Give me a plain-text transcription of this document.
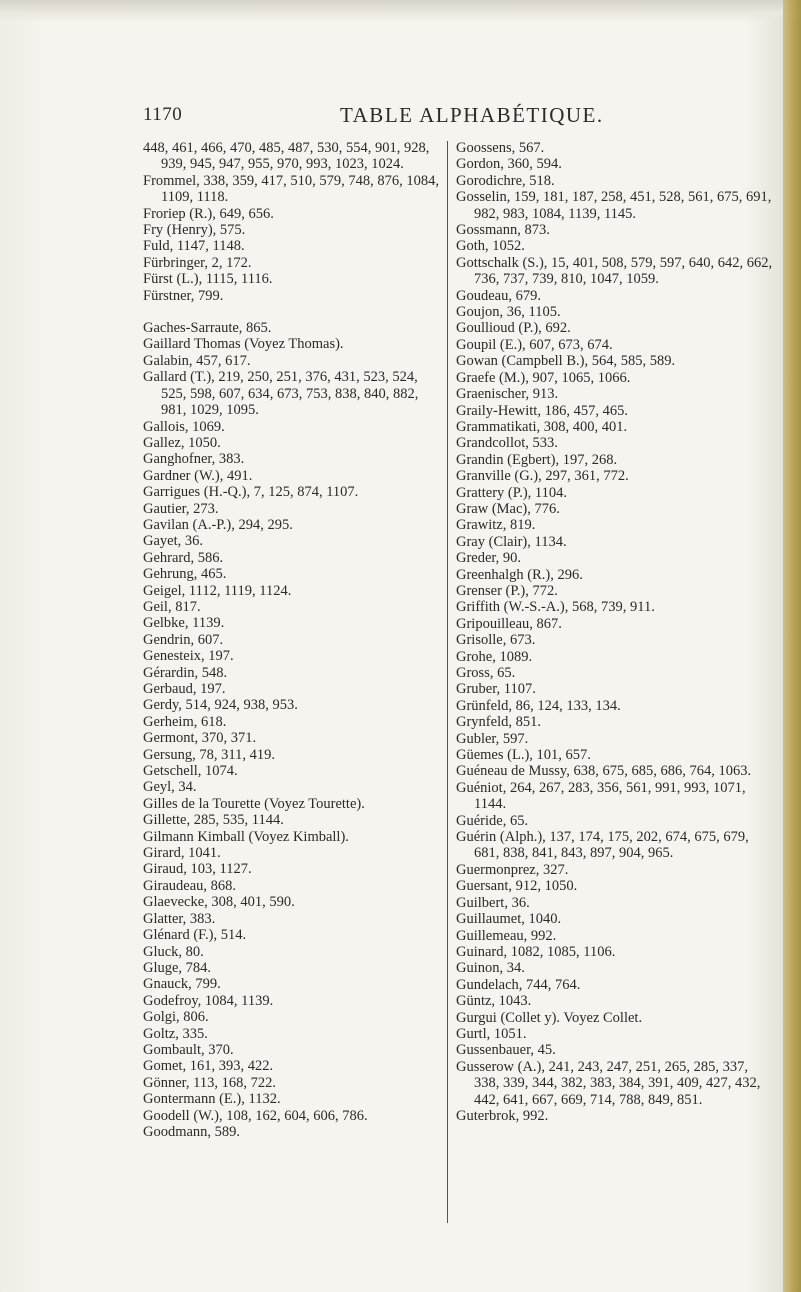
1170	TABLE ALPHABÉTIQUE.

448, 461, 466, 470, 485, 487, 530, 554, 901, 928, 939, 945, 947, 955, 970, 993, 1023, 1024.

Frommel, 338, 359, 417, 510, 579, 748, 876, 1084, 1109, 1118.

Froriep (R.), 649, 656.

Fry (Henry), 575.

Fuld, 1147, 1148.

Fürbringer, 2, 172.

Fürst (L.), 1115, 1116.

Fürstner, 799.

Gaches-Sarraute, 865.

Gaillard Thomas (Voyez Thomas).

Galabin, 457, 617.

Gallard (T.), 219, 250, 251, 376, 431, 523, 524, 525, 598, 607, 634, 673, 753, 838, 840, 882, 981, 1029, 1095.

Gallois, 1069.

Gallez, 1050.

Ganghofner, 383.

Gardner (W.), 491.

Garrigues (H.-Q.), 7, 125, 874, 1107.

Gautier, 273.

Gavilan (A.-P.), 294, 295.

Gayet, 36.

Gehrard, 586.

Gehrung, 465.

Geigel, 1112, 1119, 1124.

Geil, 817.

Gelbke, 1139.

Gendrin, 607.

Genesteix, 197.

Gérardin, 548.

Gerbaud, 197.

Gerdy, 514, 924, 938, 953.

Gerheim, 618.

Germont, 370, 371.

Gersung, 78, 311, 419.

Getschell, 1074.

Geyl, 34.

Gilles de la Tourette (Voyez Tourette).

Gillette, 285, 535, 1144.

Gilmann Kimball (Voyez Kimball).

Girard, 1041.

Giraud, 103, 1127.

Giraudeau, 868.

Glaevecke, 308, 401, 590.

Glatter, 383.

Glénard (F.), 514.

Gluck, 80.

Gluge, 784.

Gnauck, 799.

Godefroy, 1084, 1139.

Golgi, 806.

Goltz, 335.

Gombault, 370.

Gomet, 161, 393, 422.

Gönner, 113, 168, 722.

Gontermann (E.), 1132.

Goodell (W.), 108, 162, 604, 606, 786.

Goodmann, 589.

Goossens, 567.

Gordon, 360, 594.

Gorodichre, 518.

Gosselin, 159, 181, 187, 258, 451, 528, 561, 675, 691, 982, 983, 1084, 1139, 1145.

Gossmann, 873.

Goth, 1052.

Gottschalk (S.), 15, 401, 508, 579, 597, 640, 642, 662, 736, 737, 739, 810, 1047, 1059.

Goudeau, 679.

Goujon, 36, 1105.

Goullioud (P.), 692.

Goupil (E.), 607, 673, 674.

Gowan (Campbell B.), 564, 585, 589.

Graefe (M.), 907, 1065, 1066.

Graenischer, 913.

Graily-Hewitt, 186, 457, 465.

Grammatikati, 308, 400, 401.

Grandcollot, 533.

Grandin (Egbert), 197, 268.

Granville (G.), 297, 361, 772.

Grattery (P.), 1104.

Graw (Mac), 776.

Grawitz, 819.

Gray (Clair), 1134.

Greder, 90.

Greenhalgh (R.), 296.

Grenser (P.), 772.

Griffith (W.-S.-A.), 568, 739, 911.

Gripouilleau, 867.

Grisolle, 673.

Grohe, 1089.

Gross, 65.

Gruber, 1107.

Grünfeld, 86, 124, 133, 134.

Grynfeld, 851.

Gubler, 597.

Güemes (L.), 101, 657.

Guéneau de Mussy, 638, 675, 685, 686, 764, 1063.

Guéniot, 264, 267, 283, 356, 561, 991, 993, 1071, 1144.

Guéride, 65.

Guérin (Alph.), 137, 174, 175, 202, 674, 675, 679, 681, 838, 841, 843, 897, 904, 965.

Guermonprez, 327.

Guersant, 912, 1050.

Guilbert, 36.

Guillaumet, 1040.

Guillemeau, 992.

Guinard, 1082, 1085, 1106.

Guinon, 34.

Gundelach, 744, 764.

Güntz, 1043.

Gurgui (Collet y). Voyez Collet.

Gurtl, 1051.

Gussenbauer, 45.

Gusserow (A.), 241, 243, 247, 251, 265, 285, 337, 338, 339, 344, 382, 383, 384, 391, 409, 427, 432, 442, 641, 667, 669, 714, 788, 849, 851.

Guterbrok, 992.
